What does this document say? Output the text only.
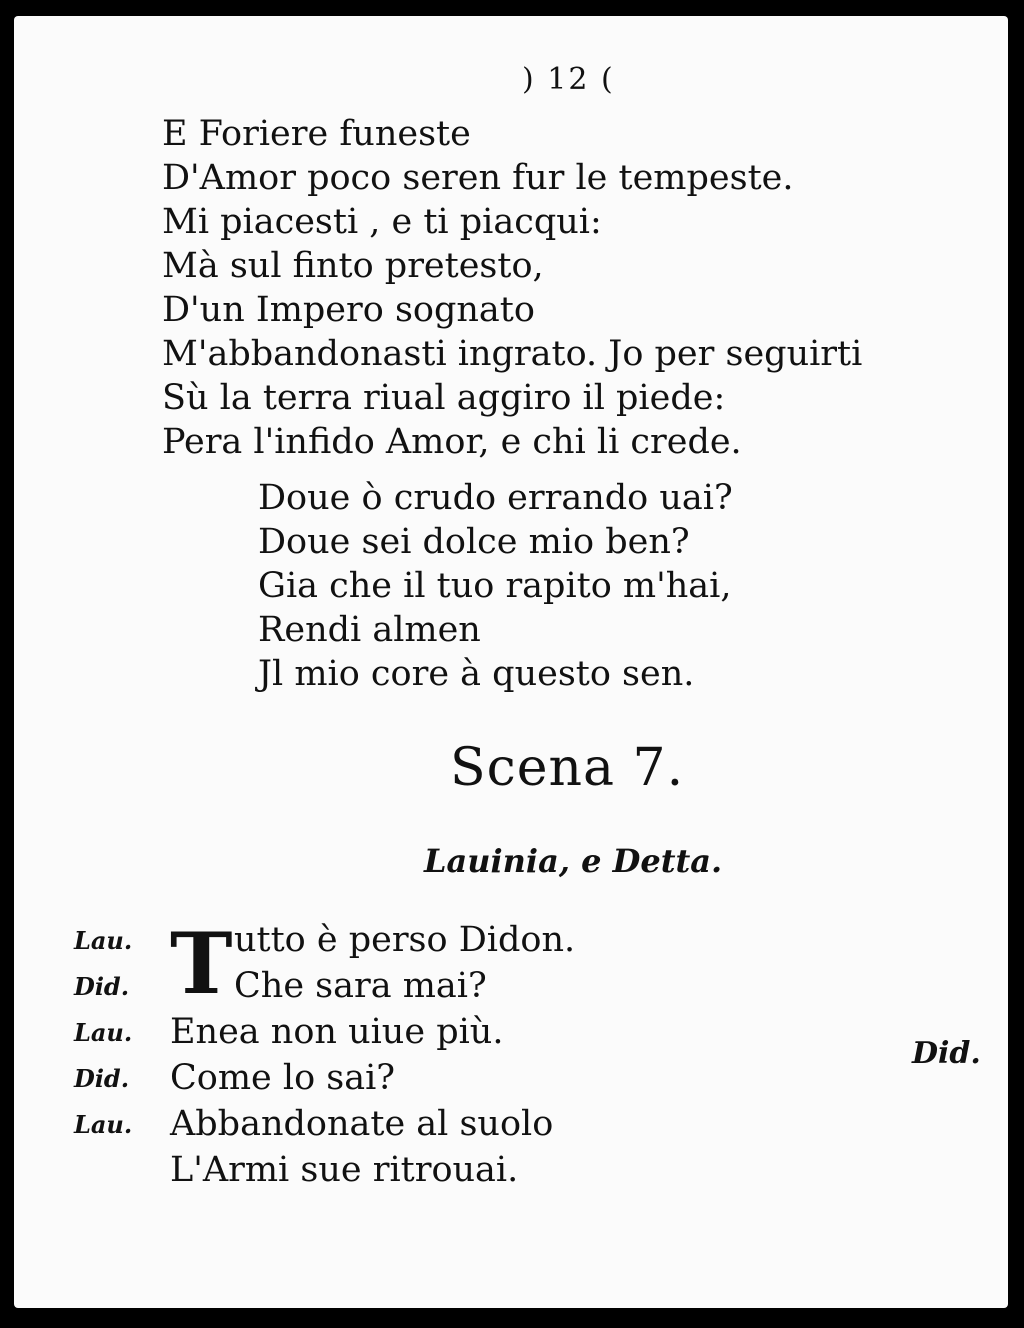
) 12 (
E Foriere funeste
D'Amor poco seren fur le tempeste.
Mi piacesti , e ti piacqui:
Mà sul finto pretesto,
D'un Impero sognato
M'abbandonasti ingrato. Jo per seguirti
Sù la terra riual aggiro il piede:
Pera l'infido Amor, e chi li crede.
Doue ò crudo errando uai?
Doue sei dolce mio ben?
Gia che il tuo rapito m'hai,
Rendi almen
Jl mio core à questo sen.
Scena 7.
Lauinia, e Detta.
T
Lau.	utto è perso Didon.
Did.	Che sara mai?
Lau.	Enea non uiue più.
Did.	Come lo sai?
Lau.	Abbandonate al suolo
L'Armi sue ritrouai.
Did.
